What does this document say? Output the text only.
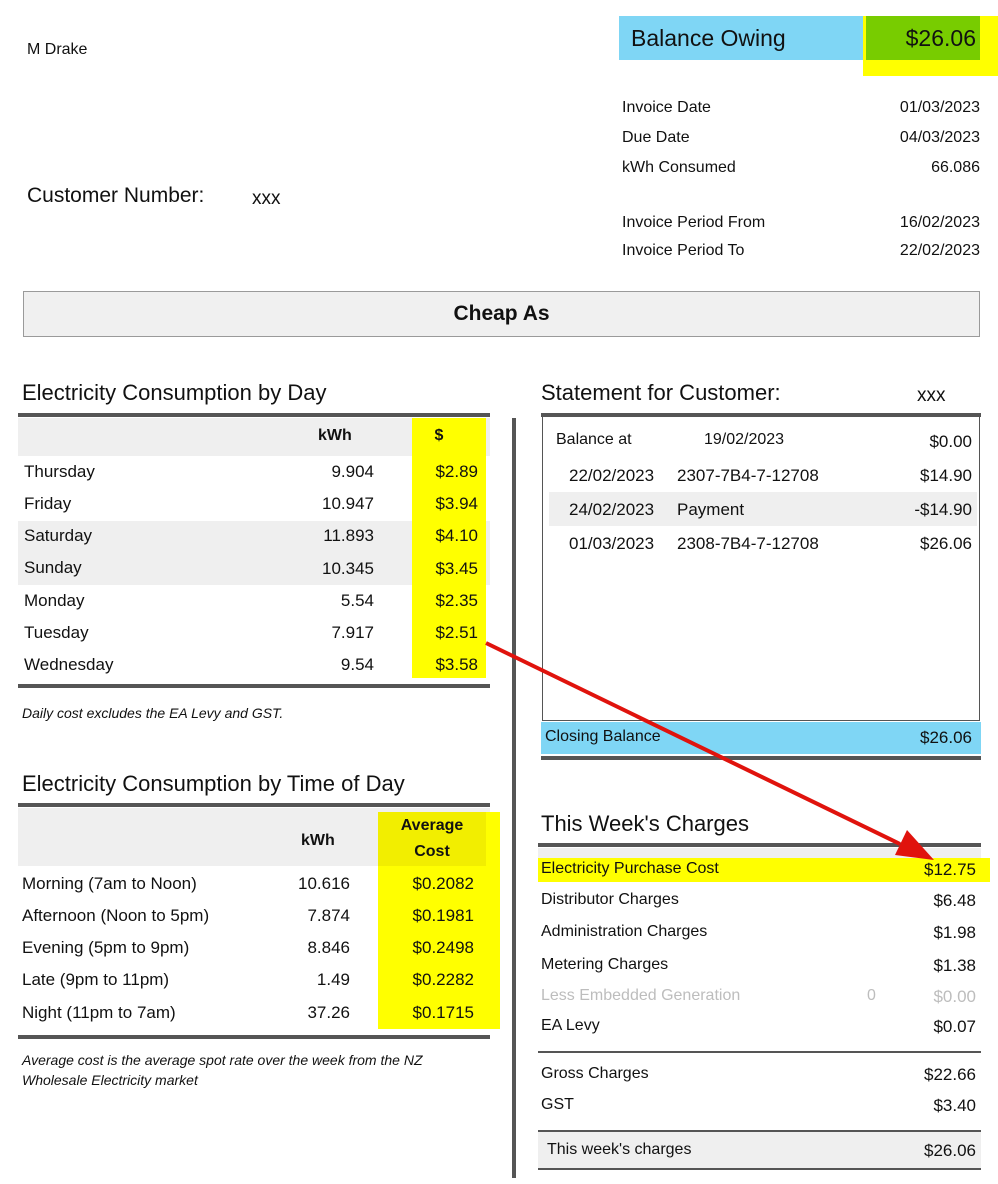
M Drake
Customer Number:	xxx
Balance Owing	$26.06
Invoice Date	01/03/2023
Due Date	04/03/2023
kWh Consumed	66.086
Invoice Period From	16/02/2023
Invoice Period To	22/02/2023
Cheap As
Electricity Consumption by Day
kWh	$
Thursday	9.904	$2.89
Friday	10.947	$3.94
Saturday	11.893	$4.10
Sunday	10.345	$3.45
Monday	5.54	$2.35
Tuesday	7.917	$2.51
Wednesday	9.54	$3.58
Daily cost excludes the EA Levy and GST.
Electricity Consumption by Time of Day
kWh
Average
Cost
Morning (7am to Noon)	10.616	$0.2082
Afternoon (Noon to 5pm)	7.874	$0.1981
Evening (5pm to 9pm)	8.846	$0.2498
Late (9pm to 11pm)	1.49	$0.2282
Night (11pm to 7am)	37.26	$0.1715
Average cost is the average spot rate over the week from the NZ Wholesale Electricity market
Statement for Customer:	xxx
Balance at	19/02/2023	$0.00
22/02/2023 2307-7B4-7-12708	$14.90
24/02/2023 Payment	-$14.90
01/03/2023 2308-7B4-7-12708	$26.06
Closing Balance	$26.06
This Week's Charges
Electricity Purchase Cost	$12.75
Distributor Charges	$6.48
Administration Charges	$1.98
Metering Charges	$1.38
Less Embedded Generation	0	$0.00
EA Levy	$0.07
Gross Charges	$22.66
GST	$3.40
This week's charges	$26.06
